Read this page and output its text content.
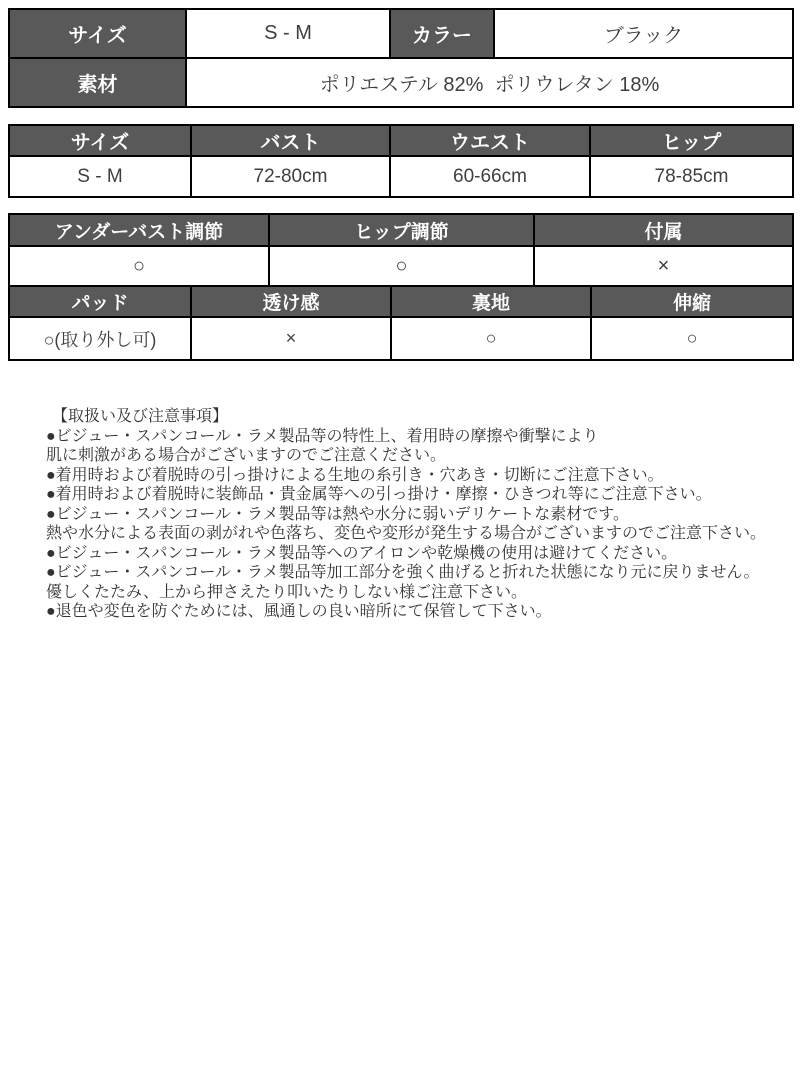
サイズ	S - M	カラー	ブラック
素材	ポリエステル 82%  ポリウレタン 18%		
サイズ	バスト	ウエスト	ヒップ
S - M	72-80cm	60-66cm	78-85cm
アンダーバスト調節	ヒップ調節	付属
○	○	×
パッド	透け感	裏地	伸縮
○(取り外し可)	×	○	○
【取扱い及び注意事項】
●ビジュー・スパンコール・ラメ製品等の特性上、着用時の摩擦や衝撃により
肌に刺激がある場合がございますのでご注意ください。
●着用時および着脱時の引っ掛けによる生地の糸引き・穴あき・切断にご注意下さい。
●着用時および着脱時に装飾品・貴金属等への引っ掛け・摩擦・ひきつれ等にご注意下さい。
●ビジュー・スパンコール・ラメ製品等は熱や水分に弱いデリケートな素材です。
熱や水分による表面の剥がれや色落ち、変色や変形が発生する場合がございますのでご注意下さい。
●ビジュー・スパンコール・ラメ製品等へのアイロンや乾燥機の使用は避けてください。
●ビジュー・スパンコール・ラメ製品等加工部分を強く曲げると折れた状態になり元に戻りません。
優しくたたみ、上から押さえたり叩いたりしない様ご注意下さい。
●退色や変色を防ぐためには、風通しの良い暗所にて保管して下さい。
